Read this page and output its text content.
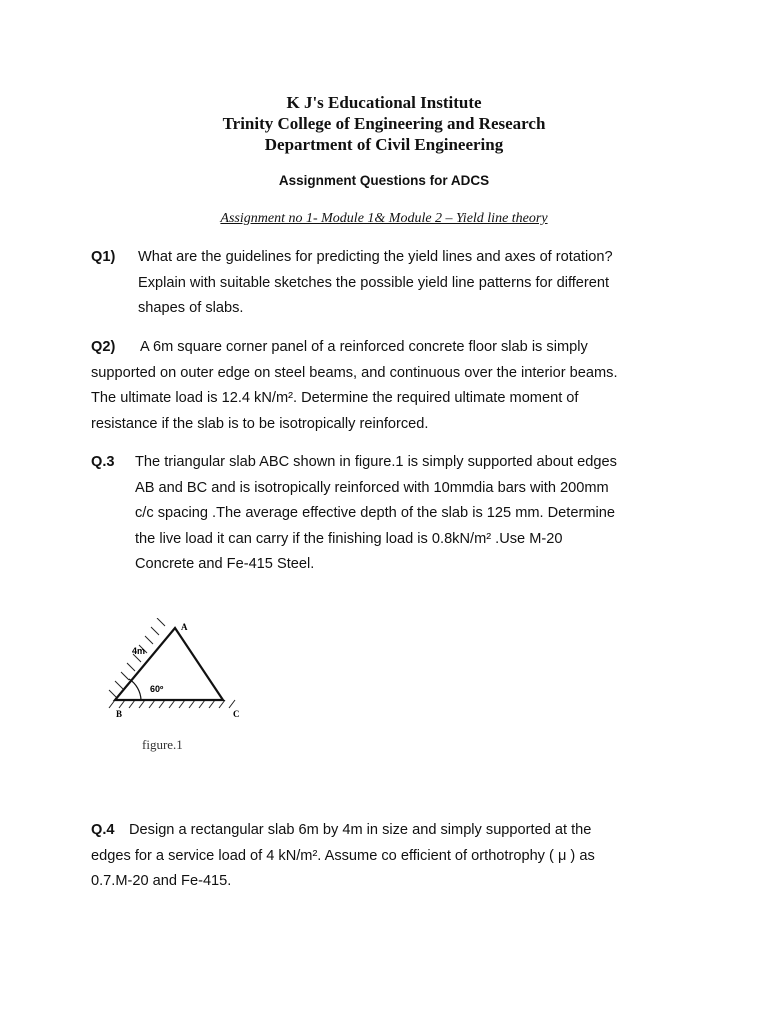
K J's Educational Institute
Trinity College of Engineering and Research
Department of Civil Engineering
Assignment Questions for ADCS
Assignment no 1- Module 1& Module 2 – Yield line theory
Q1) What are the guidelines for predicting the yield lines and axes of rotation?
Explain with suitable sketches the possible yield line patterns for different
shapes of slabs.
Q2) A 6m square corner panel of a reinforced concrete floor slab is simply
supported on outer edge on steel beams, and continuous over the interior beams.
The ultimate load is 12.4 kN/m². Determine the required ultimate moment of
resistance if the slab is to be isotropically reinforced.
Q.3 The triangular slab ABC shown in figure.1 is simply supported about edges
AB and BC and is isotropically reinforced with 10mmdia bars with 200mm
c/c spacing .The average effective depth of the slab is 125 mm. Determine
the live load it can carry if the finishing load is 0.8kN/m² .Use M-20
Concrete and Fe-415 Steel.
A
B	C
4m
60º
figure.1
Q.4 Design a rectangular slab 6m by 4m in size and simply supported at the
edges for a service load of 4 kN/m². Assume co efficient of orthotrophy ( μ ) as
0.7.M-20 and Fe-415.
